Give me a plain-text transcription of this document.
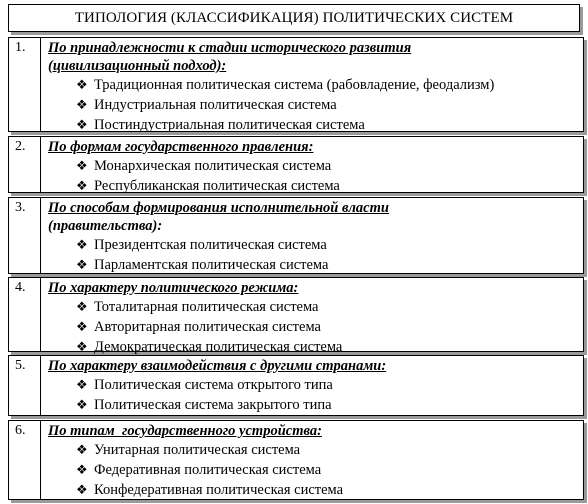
ТИПОЛОГИЯ (КЛАССИФИКАЦИЯ) ПОЛИТИЧЕСКИХ СИСТЕМ
1.	По принадлежности к стадии исторического развития
(цивилизационный подход):
❖ Традиционная политическая система (рабовладение, феодализм)
❖ Индустриальная политическая система
❖ Постиндустриальная политическая система
2.	По формам государственного правления:
❖ Монархическая политическая система
❖ Республиканская политическая система
3.	По способам формирования исполнительной власти
(правительства):
❖ Президентская политическая система
❖ Парламентская политическая система
4.	По характеру политического режима:
❖ Тоталитарная политическая система
❖ Авторитарная политическая система
❖ Демократическая политическая система
5.	По характеру взаимодействия с другими странами:
❖ Политическая система открытого типа
❖ Политическая система закрытого типа
6.	По типам  государственного устройства:
❖ Унитарная политическая система
❖ Федеративная политическая система
❖ Конфедеративная политическая система
